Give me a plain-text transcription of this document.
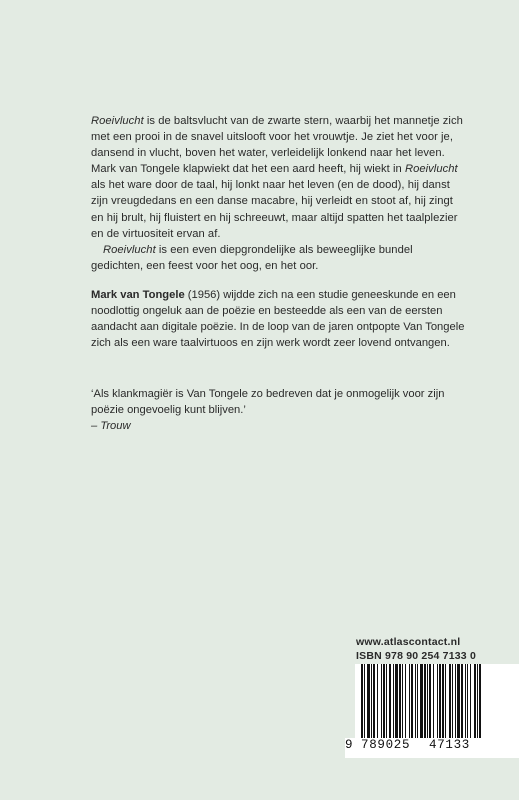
Roeivlucht is de baltsvlucht van de zwarte stern, waarbij het mannetje zich met een prooi in de snavel uitslooft voor het vrouwtje. Je ziet het voor je, dansend in vlucht, boven het water, verleidelijk lonkend naar het leven. Mark van Tongele klapwiekt dat het een aard heeft, hij wiekt in Roeivlucht als het ware door de taal, hij lonkt naar het leven (en de dood), hij danst zijn vreugdedans en een danse macabre, hij verleidt en stoot af, hij zingt en hij brult, hij fluistert en hij schreeuwt, maar altijd spatten het taalplezier en de virtuositeit ervan af.

Roeivlucht is een even diepgrondelijke als beweeglijke bundel gedichten, een feest voor het oog, en het oor.

Mark van Tongele (1956) wijdde zich na een studie geneeskunde en een noodlottig ongeluk aan de poëzie en besteedde als een van de eersten aandacht aan digitale poëzie. In de loop van de jaren ontpopte Van Tongele zich als een ware taalvirtuoos en zijn werk wordt zeer lovend ontvangen.

‘Als klankmagiër is Van Tongele zo bedreven dat je onmogelijk voor zijn poëzie ongevoelig kunt blijven.’

– Trouw

www.atlascontact.nl
ISBN 978 90 254 7133 0
9 789025 47133
